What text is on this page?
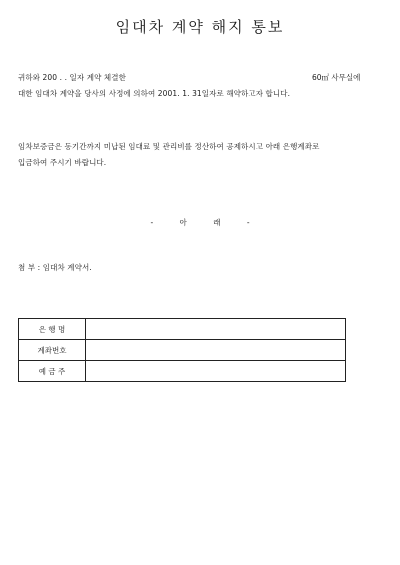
임대차 계약 해지 통보
귀하와 200 . . 일자 계약 체결한	60㎡ 사무실에
대한 임대차 계약을 당사의 사정에 의하여 2001. 1. 31일자로 해약하고자 합니다.
임차보증금은 동기간까지 미납된 임대료 및 관리비를 정산하여 공제하시고 아래 은행계좌로
입금하여 주시기 바랍니다.
- 아 래 -
첨 부 : 임대차 계약서.
은 행 명	
계좌번호	
예 금 주	
